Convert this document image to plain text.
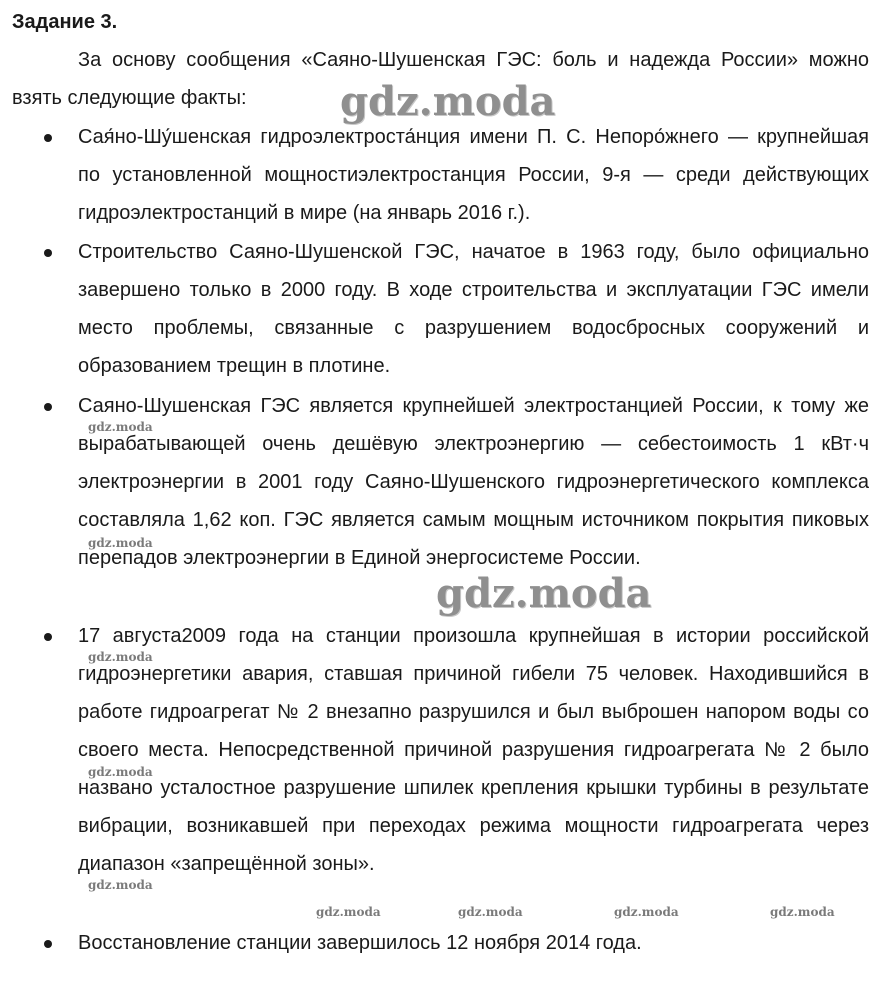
Задание 3.

За основу сообщения «Саяно-Шушенская ГЭС: боль и надежда России» можно взять следующие факты:

Сая́но-Шу́шенская гидроэлектроста́нция имени П. С. Непоро́жнего — крупнейшая по установленной мощностиэлектростанция России, 9-я — среди действующих гидроэлектростанций в мире (на январь 2016 г.).

Строительство Саяно-Шушенской ГЭС, начатое в 1963 году, было официально завершено только в 2000 году. В ходе строительства и эксплуатации ГЭС имели место проблемы, связанные с разрушением водосбросных сооружений и образованием трещин в плотине.

Саяно-Шушенская ГЭС является крупнейшей электростанцией России, к тому же вырабатывающей очень дешёвую электроэнергию — себестоимость 1 кВт·ч электроэнергии в 2001 году Саяно-Шушенского гидроэнергетического комплекса составляла 1,62 коп. ГЭС является самым мощным источником покрытия пиковых перепадов электроэнергии в Единой энергосистеме России.

17 августа2009 года на станции произошла крупнейшая в истории российской гидроэнергетики авария, ставшая причиной гибели 75 человек. Находившийся в работе гидроагрегат № 2 внезапно разрушился и был выброшен напором воды со своего места. Непосредственной причиной разрушения гидроагрегата № 2 было названо усталостное разрушение шпилек крепления крышки турбины в результате вибрации, возникавшей при переходах режима мощности гидроагрегата через диапазон «запрещённой зоны».

Восстановление станции завершилось 12 ноября 2014 года.

gdz.moda
gdz.moda
gdz.moda
gdz.moda
gdz.moda
gdz.moda
gdz.moda
gdz.moda	gdz.moda	gdz.moda	gdz.moda
